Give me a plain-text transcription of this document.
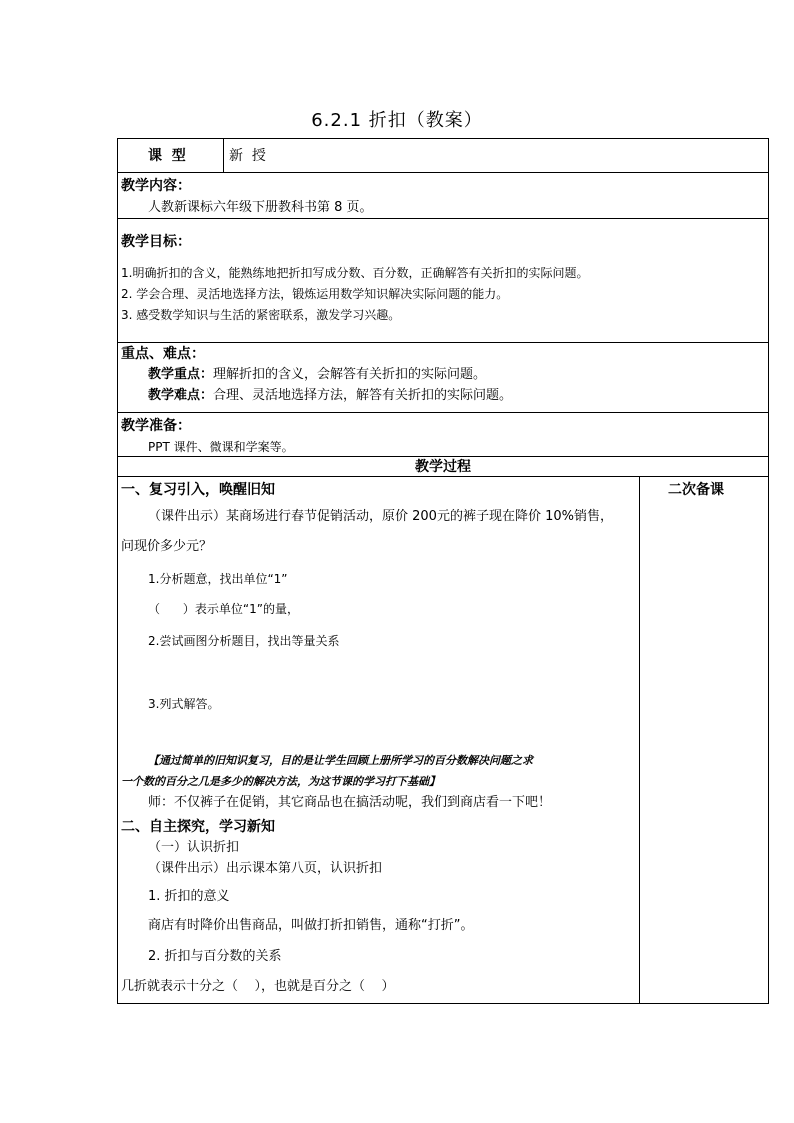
6.2.1 折扣（教案）
课  型	新  授
教学内容：
人教新课标六年级下册教科书第 8 页。
教学目标：
1.明确折扣的含义，能熟练地把折扣写成分数、百分数，正确解答有关折扣的实际问题。
2. 学会合理、灵活地选择方法，锻炼运用数学知识解决实际问题的能力。
3. 感受数学知识与生活的紧密联系，激发学习兴趣。
重点、难点：
教学重点：理解折扣的含义，会解答有关折扣的实际问题。
教学难点：合理、灵活地选择方法，解答有关折扣的实际问题。
教学准备：
PPT 课件、微课和学案等。
教学过程
二次备课
一、复习引入，唤醒旧知
（课件出示）某商场进行春节促销活动，原价 200元的裤子现在降价 10%销售，
问现价多少元？
1.分析题意，找出单位“1”
（      ）表示单位“1”的量，
2.尝试画图分析题目，找出等量关系
3.列式解答。
【通过简单的旧知识复习，目的是让学生回顾上册所学习的百分数解决问题之求
一个数的百分之几是多少的解决方法，为这节课的学习打下基础】
师：不仅裤子在促销，其它商品也在搞活动呢，我们到商店看一下吧！
二、自主探究，学习新知
（一）认识折扣
（课件出示）出示课本第八页，认识折扣
1. 折扣的意义
商店有时降价出售商品，叫做打折扣销售，通称“打折”。
2. 折扣与百分数的关系
几折就表示十分之（    ），也就是百分之（    ）
